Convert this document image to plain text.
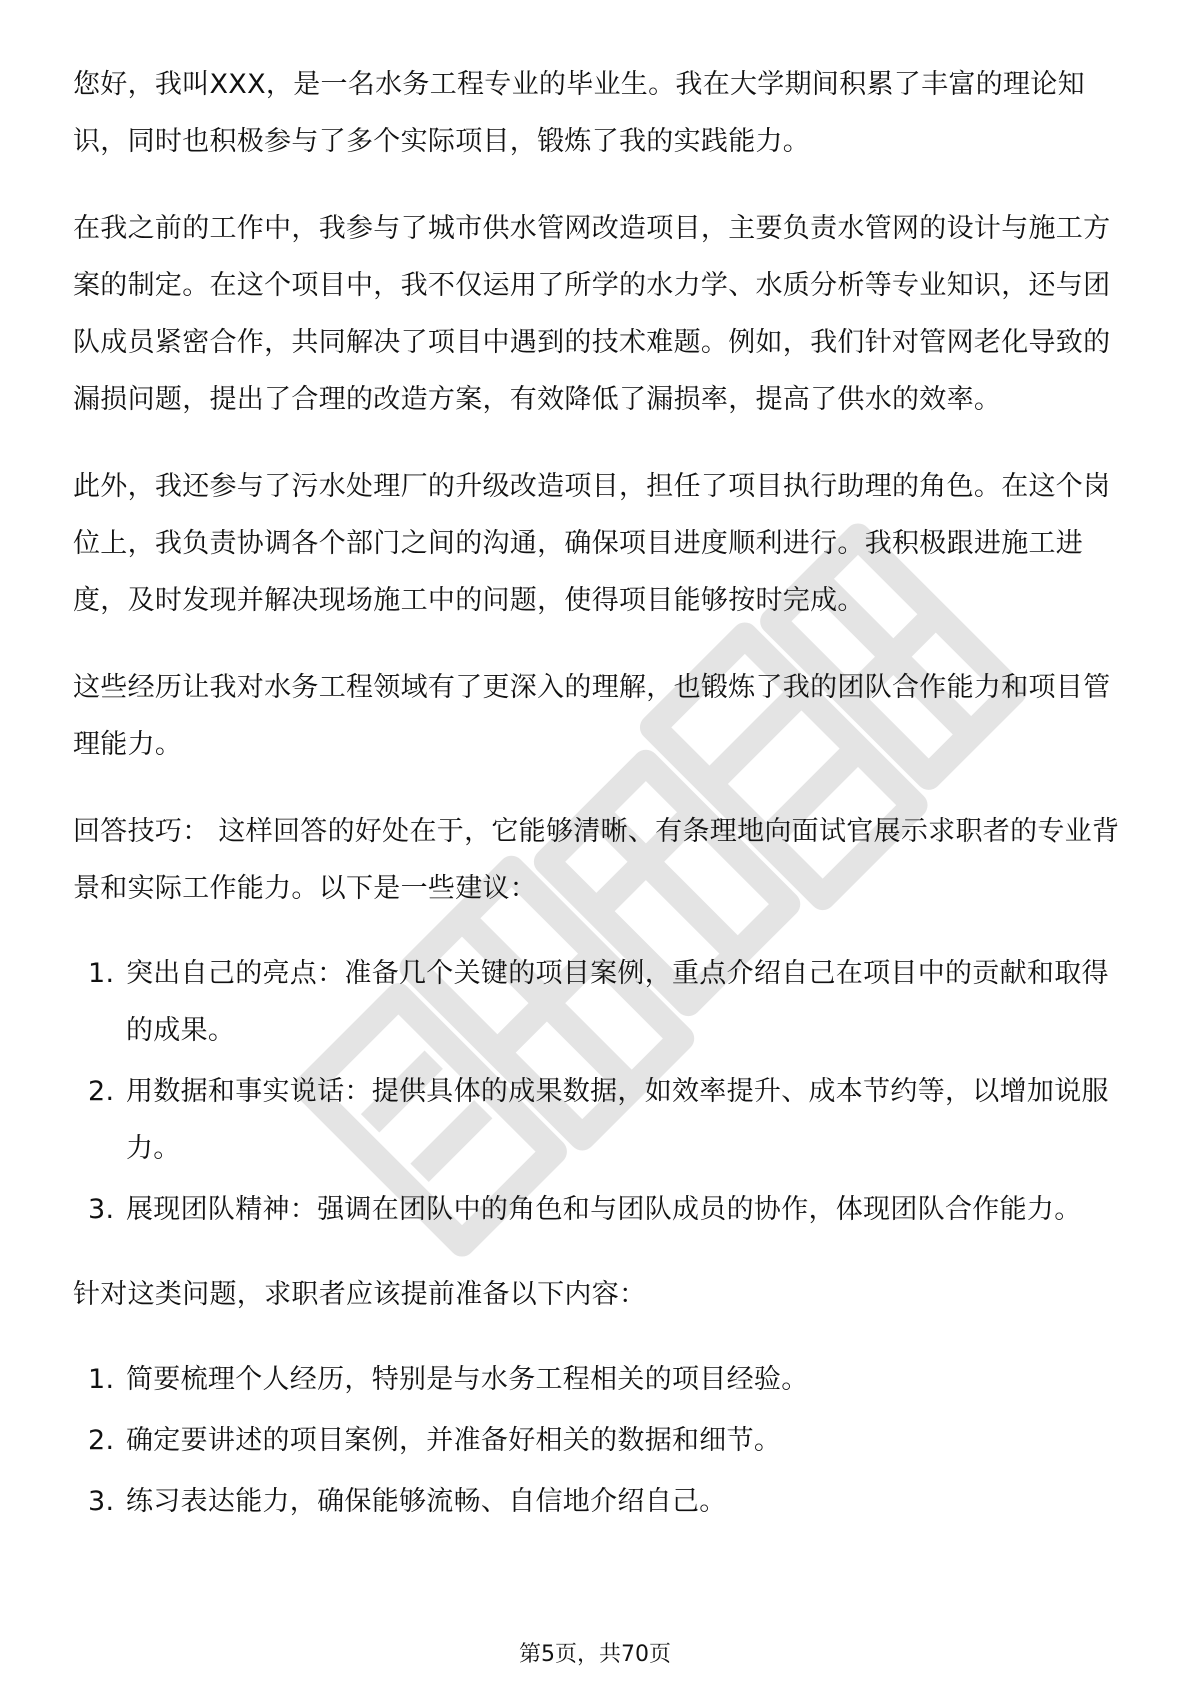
您好，我叫XXX，是一名水务工程专业的毕业生。我在大学期间积累了丰富的理论知识，同时也积极参与了多个实际项目，锻炼了我的实践能力。

在我之前的工作中，我参与了城市供水管网改造项目，主要负责水管网的设计与施工方案的制定。在这个项目中，我不仅运用了所学的水力学、水质分析等专业知识，还与团队成员紧密合作，共同解决了项目中遇到的技术难题。例如，我们针对管网老化导致的漏损问题，提出了合理的改造方案，有效降低了漏损率，提高了供水的效率。

此外，我还参与了污水处理厂的升级改造项目，担任了项目执行助理的角色。在这个岗位上，我负责协调各个部门之间的沟通，确保项目进度顺利进行。我积极跟进施工进度，及时发现并解决现场施工中的问题，使得项目能够按时完成。

这些经历让我对水务工程领域有了更深入的理解，也锻炼了我的团队合作能力和项目管理能力。

回答技巧： 这样回答的好处在于，它能够清晰、有条理地向面试官展示求职者的专业背景和实际工作能力。以下是一些建议：

1. 突出自己的亮点：准备几个关键的项目案例，重点介绍自己在项目中的贡献和取得的成果。
2. 用数据和事实说话：提供具体的成果数据，如效率提升、成本节约等，以增加说服力。
3. 展现团队精神：强调在团队中的角色和与团队成员的协作，体现团队合作能力。

针对这类问题，求职者应该提前准备以下内容：

1. 简要梳理个人经历，特别是与水务工程相关的项目经验。
2. 确定要讲述的项目案例，并准备好相关的数据和细节。
3. 练习表达能力，确保能够流畅、自信地介绍自己。
第5页，共70页
